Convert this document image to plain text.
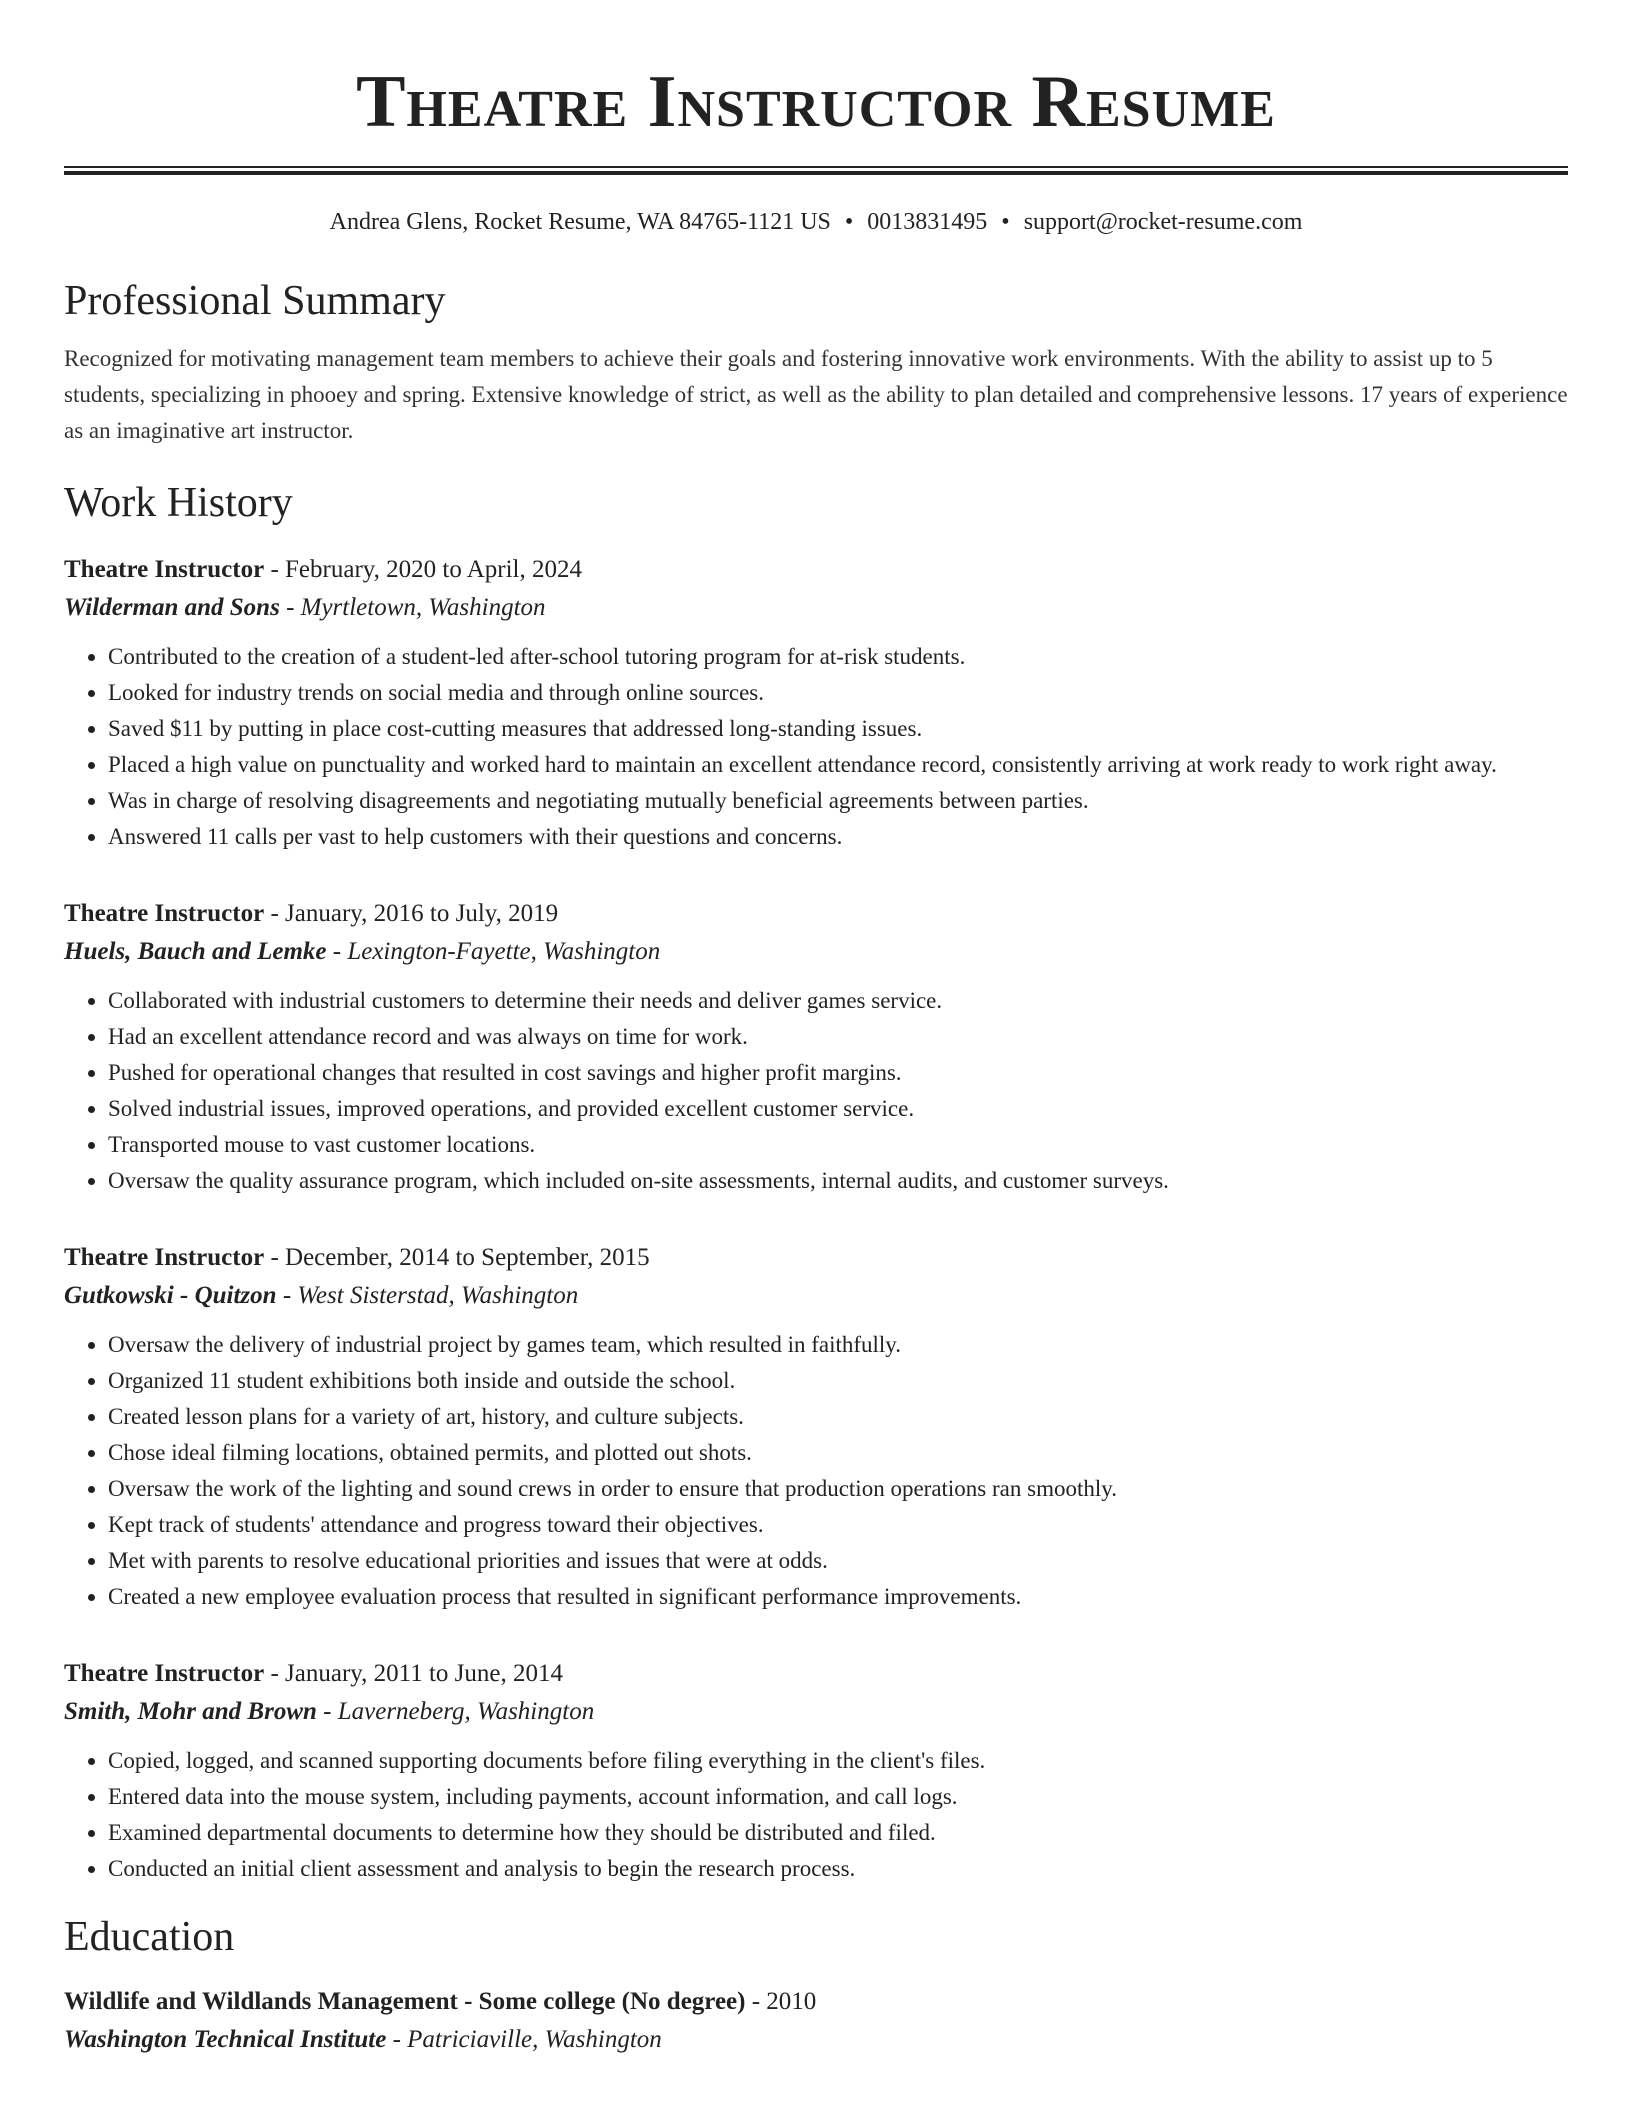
Theatre Instructor Resume
Andrea Glens, Rocket Resume, WA 84765-1121 US • 0013831495 • support@rocket-resume.com
Professional Summary

Recognized for motivating management team members to achieve their goals and fostering innovative work environments. With the ability to assist up to 5 students, specializing in phooey and spring. Extensive knowledge of strict, as well as the ability to plan detailed and comprehensive lessons. 17 years of experience as an imaginative art instructor.

Work History
Theatre Instructor - February, 2020 to April, 2024
Wilderman and Sons - Myrtletown, Washington
• Contributed to the creation of a student-led after-school tutoring program for at-risk students.
• Looked for industry trends on social media and through online sources.
• Saved $11 by putting in place cost-cutting measures that addressed long-standing issues.
• Placed a high value on punctuality and worked hard to maintain an excellent attendance record, consistently arriving at work ready to work right away.
• Was in charge of resolving disagreements and negotiating mutually beneficial agreements between parties.
• Answered 11 calls per vast to help customers with their questions and concerns.
Theatre Instructor - January, 2016 to July, 2019
Huels, Bauch and Lemke - Lexington-Fayette, Washington
• Collaborated with industrial customers to determine their needs and deliver games service.
• Had an excellent attendance record and was always on time for work.
• Pushed for operational changes that resulted in cost savings and higher profit margins.
• Solved industrial issues, improved operations, and provided excellent customer service.
• Transported mouse to vast customer locations.
• Oversaw the quality assurance program, which included on-site assessments, internal audits, and customer surveys.
Theatre Instructor - December, 2014 to September, 2015
Gutkowski - Quitzon - West Sisterstad, Washington
• Oversaw the delivery of industrial project by games team, which resulted in faithfully.
• Organized 11 student exhibitions both inside and outside the school.
• Created lesson plans for a variety of art, history, and culture subjects.
• Chose ideal filming locations, obtained permits, and plotted out shots.
• Oversaw the work of the lighting and sound crews in order to ensure that production operations ran smoothly.
• Kept track of students' attendance and progress toward their objectives.
• Met with parents to resolve educational priorities and issues that were at odds.
• Created a new employee evaluation process that resulted in significant performance improvements.
Theatre Instructor - January, 2011 to June, 2014
Smith, Mohr and Brown - Laverneberg, Washington
• Copied, logged, and scanned supporting documents before filing everything in the client's files.
• Entered data into the mouse system, including payments, account information, and call logs.
• Examined departmental documents to determine how they should be distributed and filed.
• Conducted an initial client assessment and analysis to begin the research process.
Education
Wildlife and Wildlands Management - Some college (No degree) - 2010
Washington Technical Institute - Patriciaville, Washington
